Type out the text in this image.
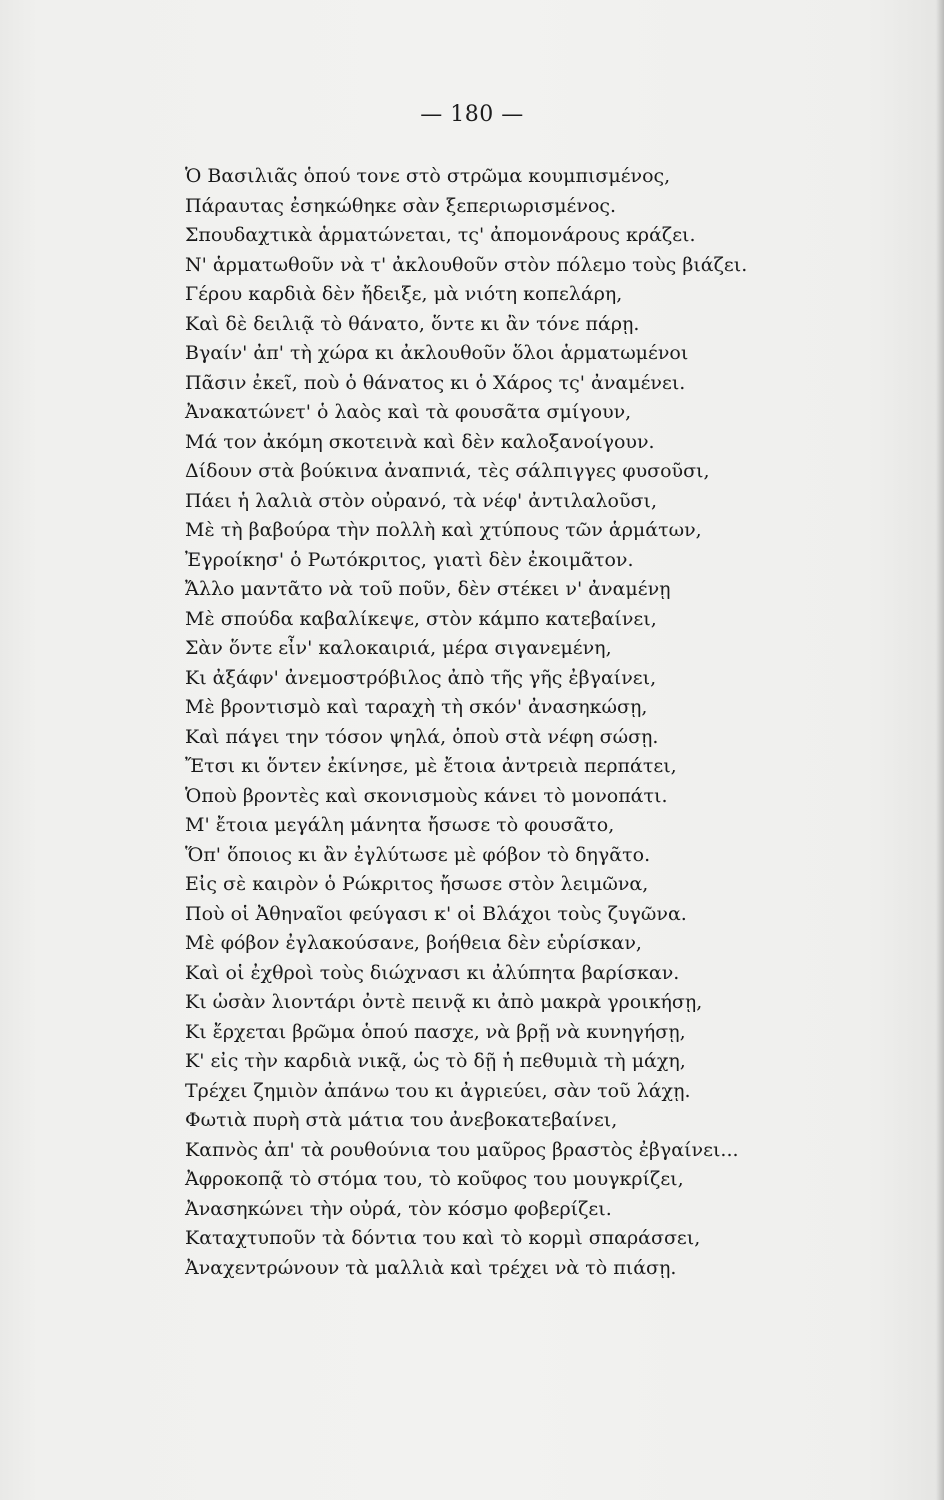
— 180 —
Ὁ Βασιλιᾶς ὁπού τονε στὸ στρῶμα κουμπισμένος,
Πάραυτας ἐσηκώθηκε σὰν ξεπεριωρισμένος.
Σπουδαχτικὰ ἁρματώνεται, τς' ἀπομονάρους κράζει.
Ν' ἁρματωθοῦν νὰ τ' ἀκλουθοῦν στὸν πόλεμο τοὺς βιάζει.
Γέρου καρδιὰ δὲν ἤδειξε, μὰ νιότη κοπελάρη,
Καὶ δὲ δειλιᾷ τὸ θάνατο, ὅντε κι ἂν τόνε πάρῃ.
Βγαίν' ἀπ' τὴ χώρα κι ἀκλουθοῦν ὅλοι ἁρματωμένοι
Πᾶσιν ἐκεῖ, ποὺ ὁ θάνατος κι ὁ Χάρος τς' ἀναμένει.
Ἀνακατώνετ' ὁ λαὸς καὶ τὰ φουσᾶτα σμίγουν,
Μά τον ἀκόμη σκοτεινὰ καὶ δὲν καλοξανοίγουν.
Δίδουν στὰ βούκινα ἀναπνιά, τὲς σάλπιγγες φυσοῦσι,
Πάει ἡ λαλιὰ στὸν οὐρανό, τὰ νέφ' ἀντιλαλοῦσι,
Μὲ τὴ βαβούρα τὴν πολλὴ καὶ χτύπους τῶν ἁρμάτων,
Ἐγροίκησ' ὁ Ρωτόκριτος, γιατὶ δὲν ἐκοιμᾶτον.
Ἄλλο μαντᾶτο νὰ τοῦ ποῦν, δὲν στέκει ν' ἀναμένῃ
Μὲ σπούδα καβαλίκεψε, στὸν κάμπο κατεβαίνει,
Σὰν ὅντε εἶν' καλοκαιριά, μέρα σιγανεμένη,
Κι ἀξάφν' ἀνεμοστρόβιλος ἀπὸ τῆς γῆς ἐβγαίνει,
Μὲ βροντισμὸ καὶ ταραχὴ τὴ σκόν' ἀνασηκώσῃ,
Καὶ πάγει την τόσον ψηλά, ὁποὺ στὰ νέφη σώσῃ.
Ἔτσι κι ὅντεν ἐκίνησε, μὲ ἔτοια ἀντρειὰ περπάτει,
Ὁποὺ βροντὲς καὶ σκονισμοὺς κάνει τὸ μονοπάτι.
Μ' ἔτοια μεγάλη μάνητα ἤσωσε τὸ φουσᾶτο,
Ὅπ' ὅποιος κι ἂν ἐγλύτωσε μὲ φόβον τὸ δηγᾶτο.
Εἰς σὲ καιρὸν ὁ Ρώκριτος ἤσωσε στὸν λειμῶνα,
Ποὺ οἱ Ἀθηναῖοι φεύγασι κ' οἱ Βλάχοι τοὺς ζυγῶνα.
Μὲ φόβον ἐγλακούσανε, βοήθεια δὲν εὑρίσκαν,
Καὶ οἱ ἐχθροὶ τοὺς διώχνασι κι ἀλύπητα βαρίσκαν.
Κι ὡσὰν λιοντάρι ὀντὲ πεινᾷ κι ἀπὸ μακρὰ γροικήσῃ,
Κι ἔρχεται βρῶμα ὁπού πασχε, νὰ βρῇ νὰ κυνηγήσῃ,
Κ' εἰς τὴν καρδιὰ νικᾷ, ὡς τὸ δῇ ἡ πεθυμιὰ τὴ μάχη,
Τρέχει ζημιὸν ἀπάνω του κι ἀγριεύει, σὰν τοῦ λάχῃ.
Φωτιὰ πυρὴ στὰ μάτια του ἀνεβοκατεβαίνει,
Καπνὸς ἀπ' τὰ ρουθούνια του μαῦρος βραστὸς ἐβγαίνει...
Ἀφροκοπᾷ τὸ στόμα του, τὸ κοῦφος του μουγκρίζει,
Ἀνασηκώνει τὴν οὐρά, τὸν κόσμο φοβερίζει.
Καταχτυποῦν τὰ δόντια του καὶ τὸ κορμὶ σπαράσσει,
Ἀναχεντρώνουν τὰ μαλλιὰ καὶ τρέχει νὰ τὸ πιάσῃ.
